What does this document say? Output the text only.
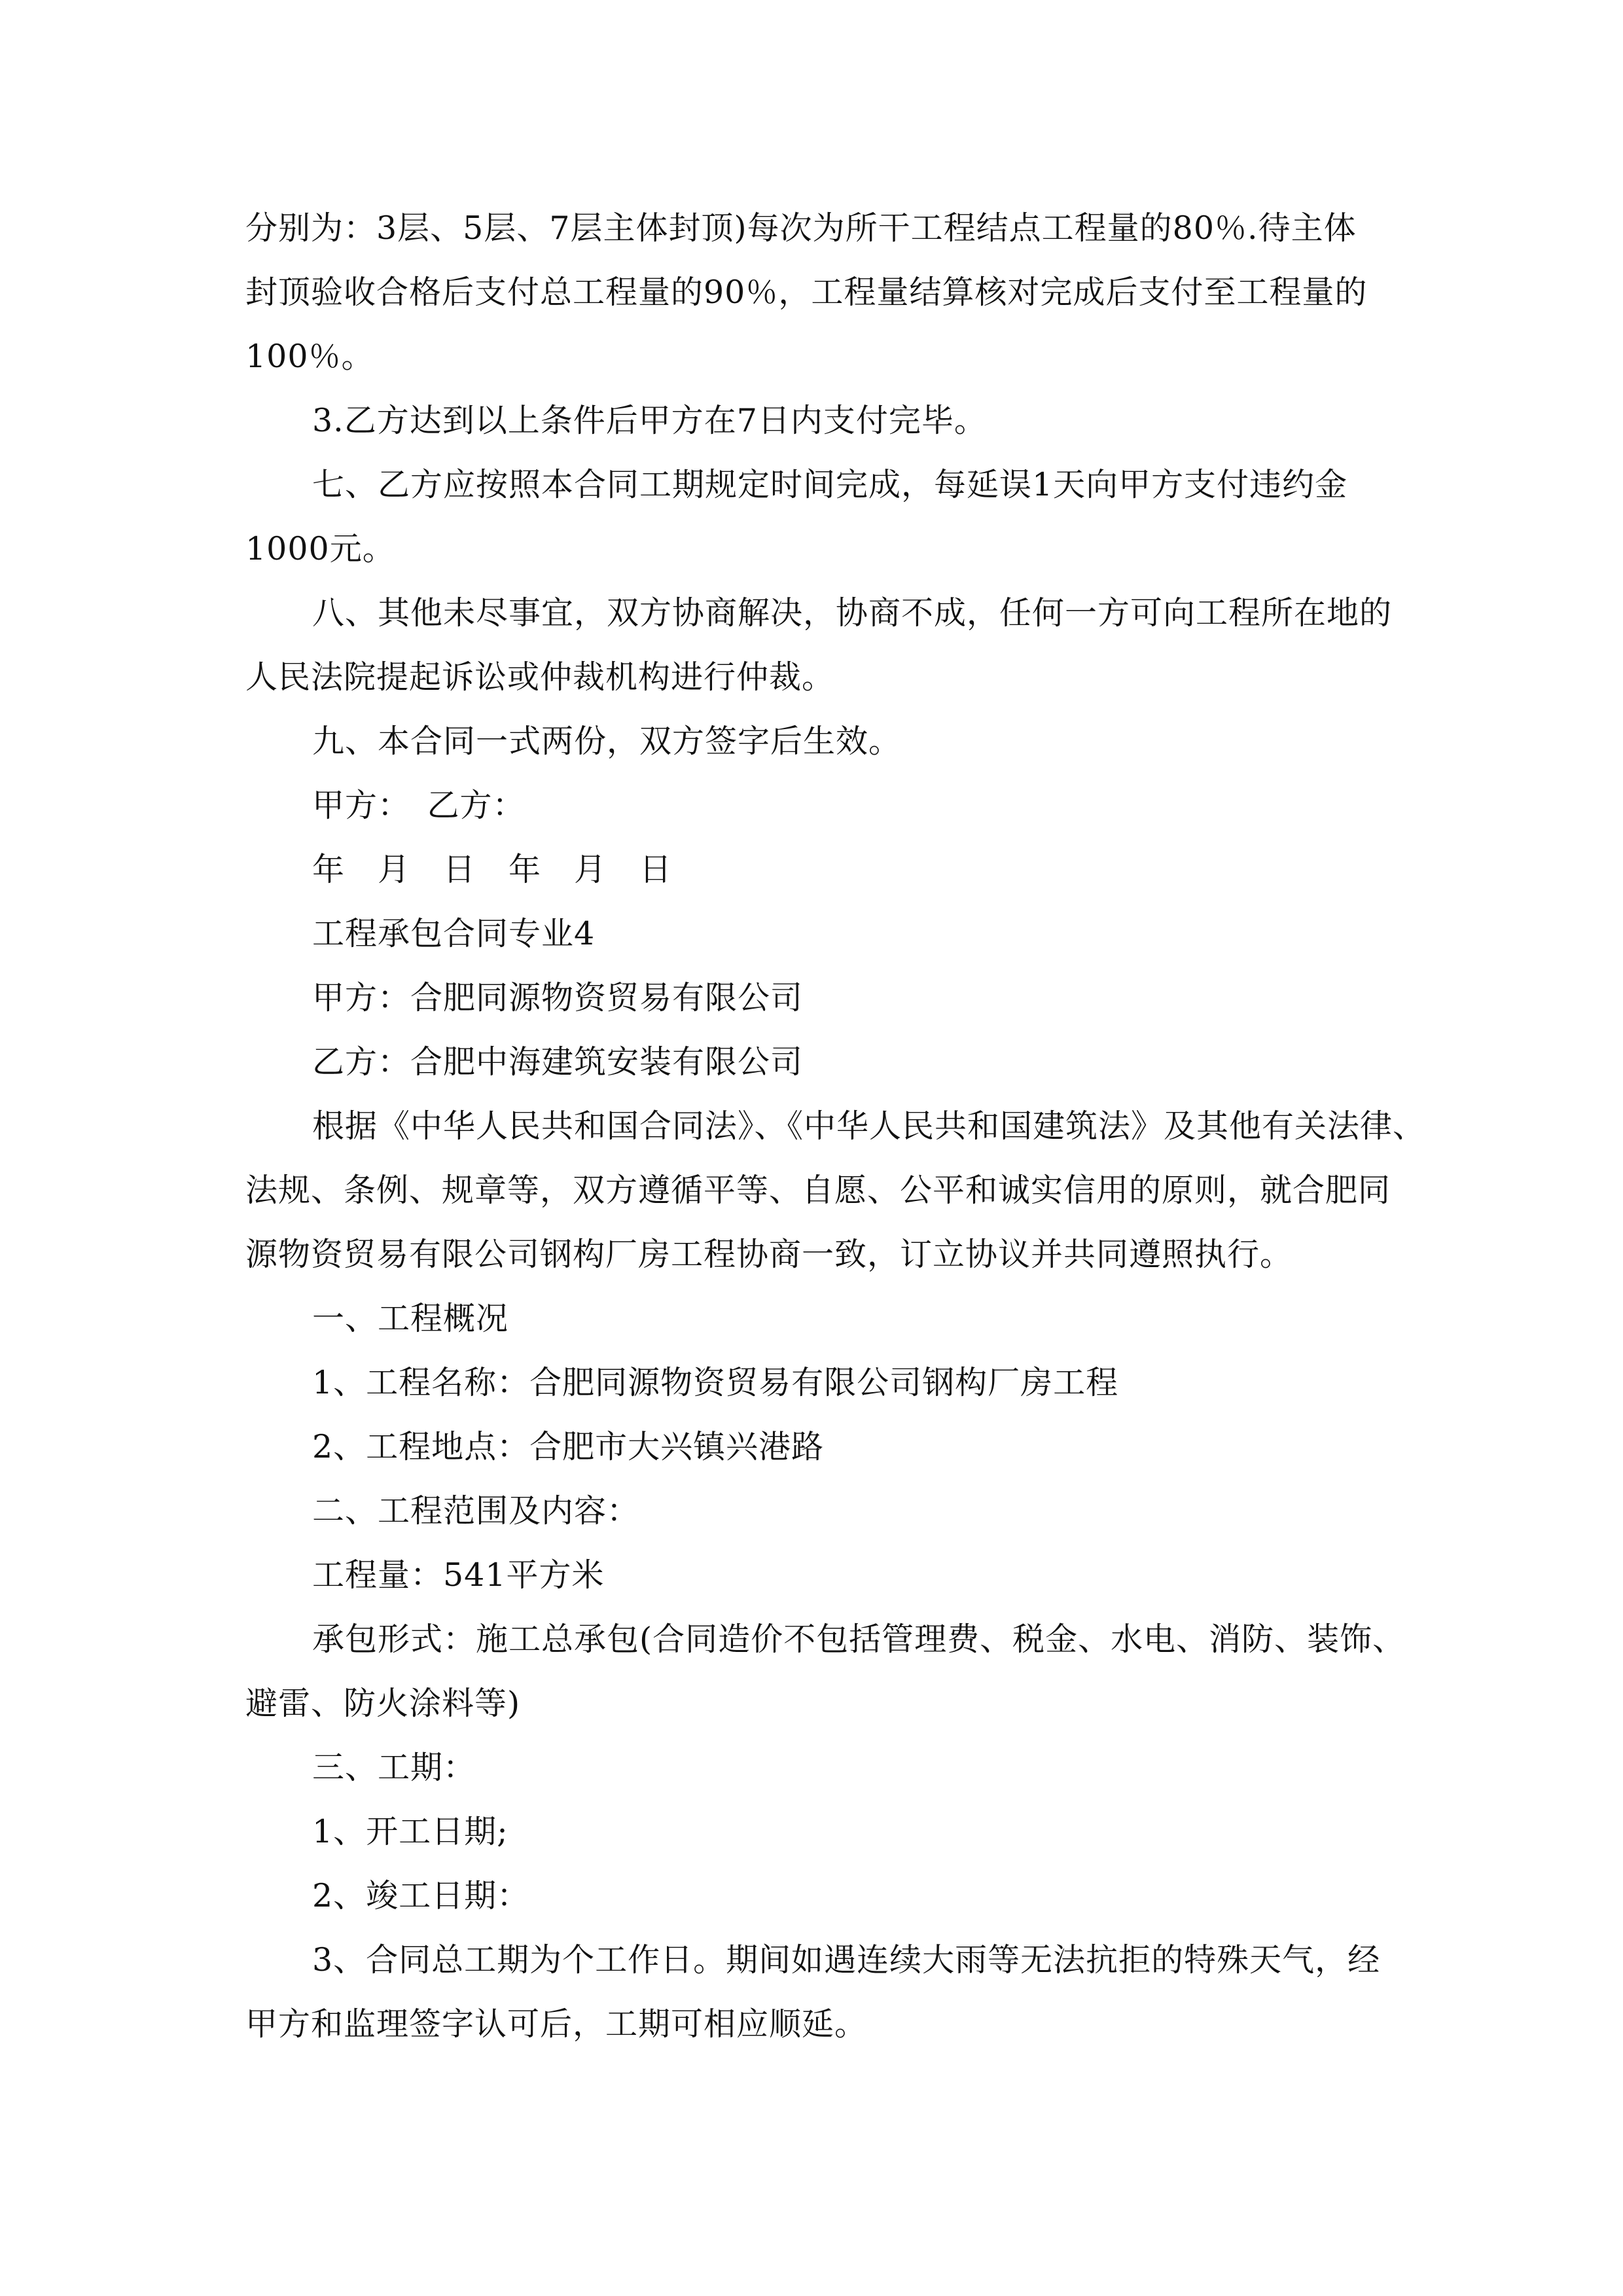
分别为：3层、5层、7层主体封顶)每次为所干工程结点工程量的80％.待主体
封顶验收合格后支付总工程量的90％，工程量结算核对完成后支付至工程量的
100％。
3.乙方达到以上条件后甲方在7日内支付完毕。
七、乙方应按照本合同工期规定时间完成，每延误1天向甲方支付违约金
1000元。
八、其他未尽事宜，双方协商解决，协商不成，任何一方可向工程所在地的
人民法院提起诉讼或仲裁机构进行仲裁。
九、本合同一式两份，双方签字后生效。
甲方：　乙方：
年　月　日　年　月　日
工程承包合同专业4
甲方：合肥同源物资贸易有限公司
乙方：合肥中海建筑安装有限公司
根据《中华人民共和国合同法》、《中华人民共和国建筑法》及其他有关法律、
法规、条例、规章等，双方遵循平等、自愿、公平和诚实信用的原则，就合肥同
源物资贸易有限公司钢构厂房工程协商一致，订立协议并共同遵照执行。
一、工程概况
1、工程名称：合肥同源物资贸易有限公司钢构厂房工程
2、工程地点：合肥市大兴镇兴港路
二、工程范围及内容：
工程量：541平方米
承包形式：施工总承包(合同造价不包括管理费、税金、水电、消防、装饰、
避雷、防火涂料等)
三、工期：
1、开工日期;
2、竣工日期：
3、合同总工期为个工作日。期间如遇连续大雨等无法抗拒的特殊天气，经
甲方和监理签字认可后，工期可相应顺延。
